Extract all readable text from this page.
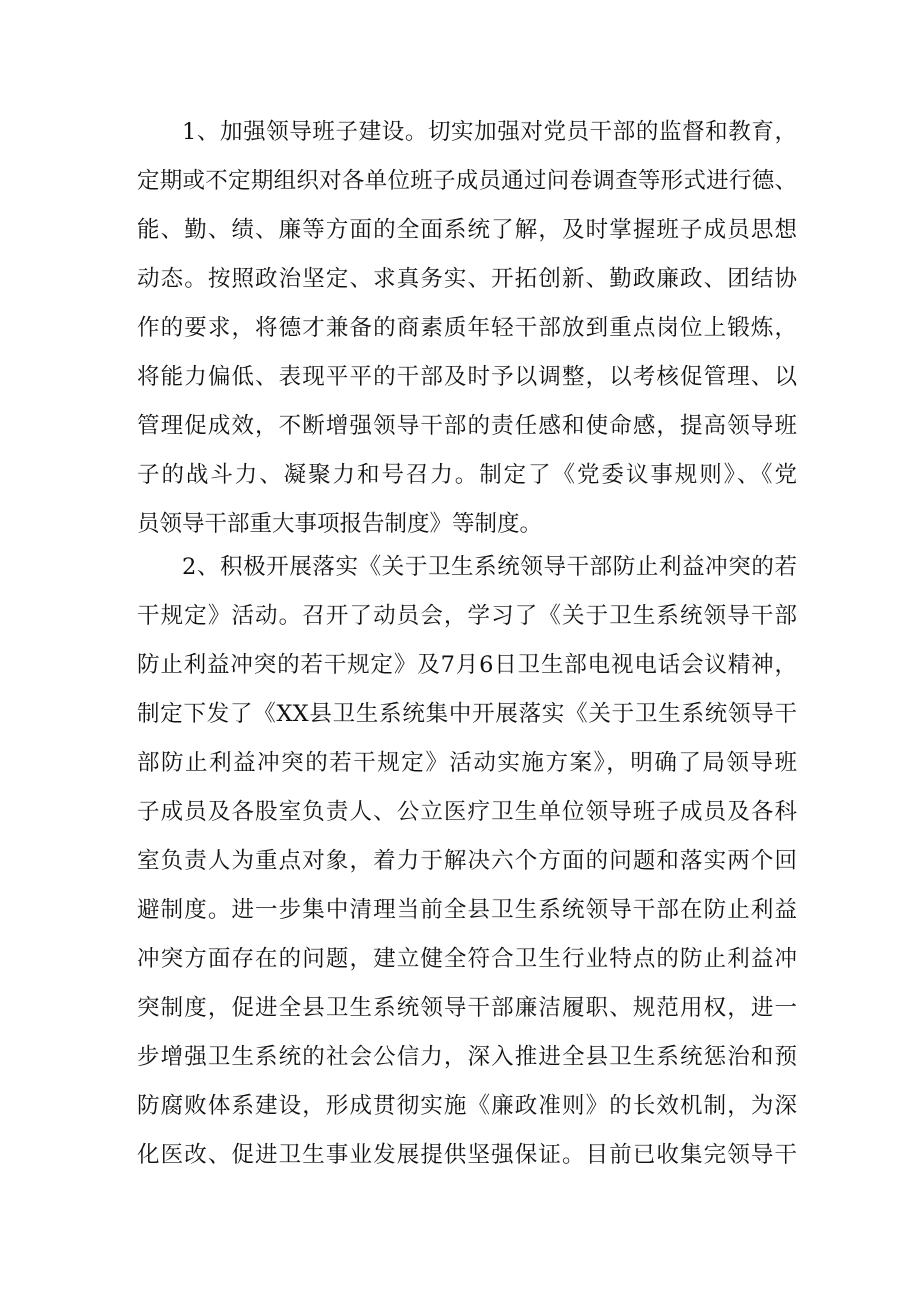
1、加强领导班子建设。切实加强对党员干部的监督和教育，
定期或不定期组织对各单位班子成员通过问卷调查等形式进行德、
能、勤、绩、廉等方面的全面系统了解，及时掌握班子成员思想
动态。按照政治坚定、求真务实、开拓创新、勤政廉政、团结协
作的要求，将德才兼备的商素质年轻干部放到重点岗位上锻炼，
将能力偏低、表现平平的干部及时予以调整，以考核促管理、以
管理促成效，不断增强领导干部的责任感和使命感，提高领导班
子的战斗力、凝聚力和号召力。制定了《党委议事规则》、《党
员领导干部重大事项报告制度》等制度。
2、积极开展落实《关于卫生系统领导干部防止利益冲突的若
干规定》活动。召开了动员会，学习了《关于卫生系统领导干部
防止利益冲突的若干规定》及7月6日卫生部电视电话会议精神，
制定下发了《XX县卫生系统集中开展落实《关于卫生系统领导干
部防止利益冲突的若干规定》活动实施方案》，明确了局领导班
子成员及各股室负责人、公立医疗卫生单位领导班子成员及各科
室负责人为重点对象，着力于解决六个方面的问题和落实两个回
避制度。进一步集中清理当前全县卫生系统领导干部在防止利益
冲突方面存在的问题，建立健全符合卫生行业特点的防止利益冲
突制度，促进全县卫生系统领导干部廉洁履职、规范用权，进一
步增强卫生系统的社会公信力，深入推进全县卫生系统惩治和预
防腐败体系建设，形成贯彻实施《廉政准则》的长效机制，为深
化医改、促进卫生事业发展提供坚强保证。目前已收集完领导干
